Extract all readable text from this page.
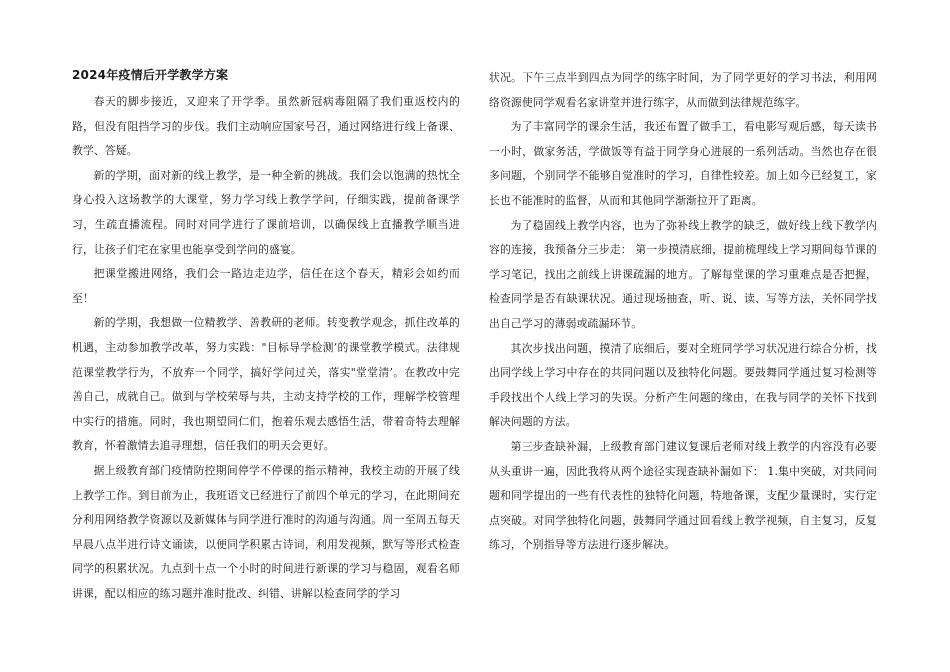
2024年疫情后开学教学方案

春天的脚步接近，又迎来了开学季。虽然新冠病毒阻隔了我们重返校内的路，但没有阻挡学习的步伐。我们主动响应国家号召，通过网络进行线上备课、教学、答疑。

新的学期，面对新的线上教学，是一种全新的挑战。我们会以饱满的热忱全身心投入这场教学的大课堂，努力学习线上教学学问，仔细实践，提前备课学习，生疏直播流程。同时对同学进行了课前培训，以确保线上直播教学顺当进行，让孩子们宅在家里也能享受到学问的盛宴。

把课堂搬进网络，我们会一路边走边学，信任在这个春天，精彩会如约而至！

新的学期，我想做一位精教学、善教研的老师。转变教学观念，抓住改革的机遇，主动参加教学改革，努力实践："目标导学检测’的课堂教学模式。法律规范课堂教学行为，不放弃一个同学，搞好学问过关，落实"堂堂清’。在教改中完善自己，成就自己。做到与学校荣辱与共，主动支持学校的工作，理解学校管理中实行的措施。同时，我也期望同仁们，抱着乐观去感悟生活，带着奇特去理解教育，怀着激情去追寻理想，信任我们的明天会更好。

据上级教育部门疫情防控期间停学不停课的指示精神，我校主动的开展了线上教学工作。到目前为止，我班语文已经进行了前四个单元的学习，在此期间充分利用网络教学资源以及新媒体与同学进行准时的沟通与沟通。周一至周五每天早晨八点半进行诗文诵读，以便同学积累古诗词，利用发视频，默写等形式检查同学的积累状况。九点到十点一个小时的时间进行新课的学习与稳固，观看名师讲课，配以相应的练习题并准时批改、纠错、讲解以检查同学的学习

状况。下午三点半到四点为同学的练字时间，为了同学更好的学习书法，利用网络资源使同学观看名家讲堂并进行练字，从而做到法律规范练字。

为了丰富同学的课余生活，我还布置了做手工，看电影写观后感，每天读书一小时，做家务活，学做饭等有益于同学身心进展的一系列活动。当然也存在很多问题，个别同学不能够自觉准时的学习，自律性较差。加上如今已经复工，家长也不能准时的监督，从而和其他同学渐渐拉开了距离。

为了稳固线上教学内容，也为了弥补线上教学的缺乏，做好线上线下教学内容的连接，我预备分三步走： 第一步摸清底细，提前梳理线上学习期间每节课的学习笔记，找出之前线上讲课疏漏的地方。了解每堂课的学习重难点是否把握，检查同学是否有缺课状况。通过现场抽查，听、说、读、写等方法，关怀同学找出自己学习的薄弱或疏漏环节。

其次步找出问题，摸清了底细后，要对全班同学学习状况进行综合分析，找出同学线上学习中存在的共同问题以及独特化问题。要鼓舞同学通过复习检测等手段找出个人线上学习的失误。分析产生问题的缘由，在我与同学的关怀下找到解决问题的方法。

第三步查缺补漏，上级教育部门建议复课后老师对线上教学的内容没有必要从头重讲一遍，因此我将从两个途径实现查缺补漏如下： 1.集中突破，对共同问题和同学提出的一些有代表性的独特化问题，特地备课，支配少量课时，实行定点突破。对同学独特化问题，鼓舞同学通过回看线上教学视频，自主复习，反复练习，个别指导等方法进行逐步解决。
